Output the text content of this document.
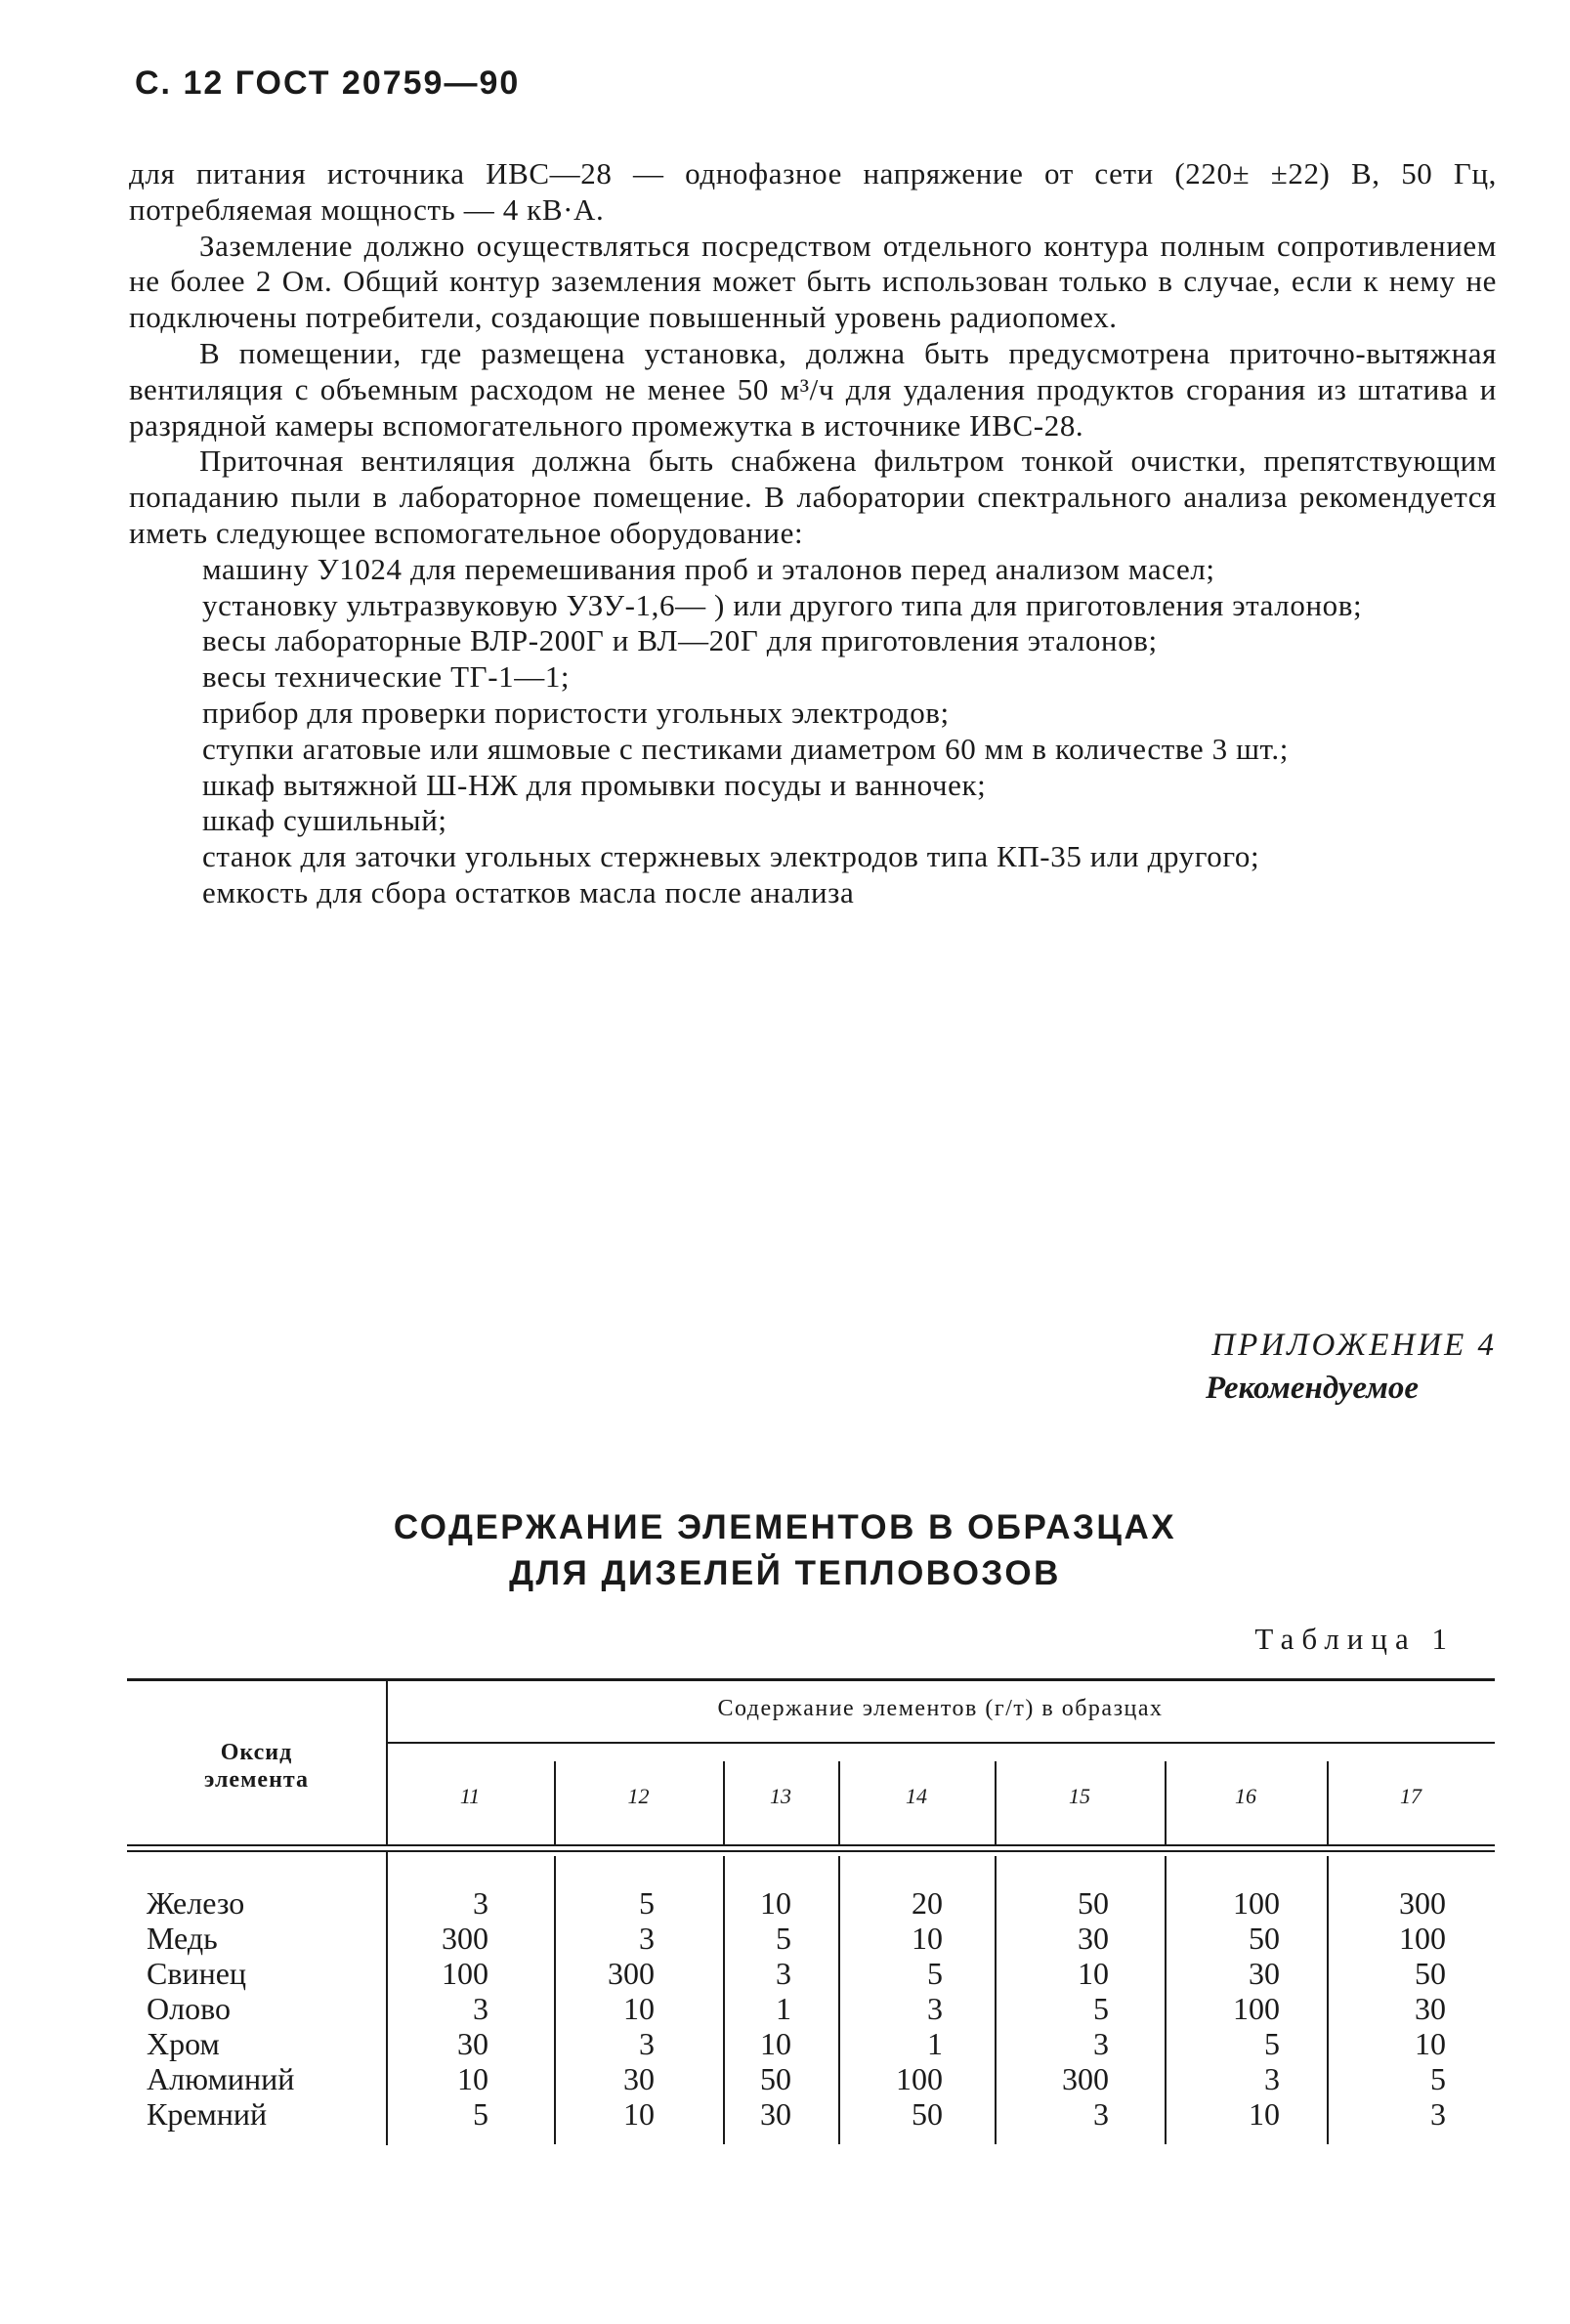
С. 12 ГОСТ 20759—90

для питания источника ИВС—28 — однофазное напряжение от сети (220± ±22) В, 50 Гц, потребляемая мощность — 4 кВ·А.

Заземление должно осуществляться посредством отдельного контура полным сопротивлением не более 2 Ом. Общий контур заземления может быть использован только в случае, если к нему не подключены потребители, создающие повышенный уровень радиопомех.

В помещении, где размещена установка, должна быть предусмотрена приточно-вытяжная вентиляция с объемным расходом не менее 50 м³/ч для удаления продуктов сгорания из штатива и разрядной камеры вспомогательного промежутка в источнике ИВС-28.

Приточная вентиляция должна быть снабжена фильтром тонкой очистки, препятствующим попаданию пыли в лабораторное помещение. В лаборатории спектрального анализа рекомендуется иметь следующее вспомогательное оборудование:

машину У1024 для перемешивания проб и эталонов перед анализом масел;

установку ультразвуковую УЗУ-1,6— ) или другого типа для приготовления эталонов;

весы лабораторные ВЛР-200Г и ВЛ—20Г для приготовления эталонов;

весы технические ТГ-1—1;

прибор для проверки пористости угольных электродов;

ступки агатовые или яшмовые с пестиками диаметром 60 мм в количестве 3 шт.;

шкаф вытяжной Ш-НЖ для промывки посуды и ванночек;

шкаф сушильный;

станок для заточки угольных стержневых электродов типа КП-35 или другого;

емкость для сбора остатков масла после анализа

ПРИЛОЖЕНИЕ 4
Рекомендуемое
СОДЕРЖАНИЕ ЭЛЕМЕНТОВ В ОБРАЗЦАХ
ДЛЯ ДИЗЕЛЕЙ ТЕПЛОВОЗОВ
Таблица 1
Содержание элементов (г/т) в образцах
Оксид
элемента
11	12	13	14	15	16	17
Железо	3	5	10	20	50	100	300
Медь	300	3	5	10	30	50	100
Свинец	100	300	3	5	10	30	50
Олово	3	10	1	3	5	100	30
Хром	30	3	10	1	3	5	10
Алюминий	10	30	50	100	300	3	5
Кремний	5	10	30	50	3	10	3
